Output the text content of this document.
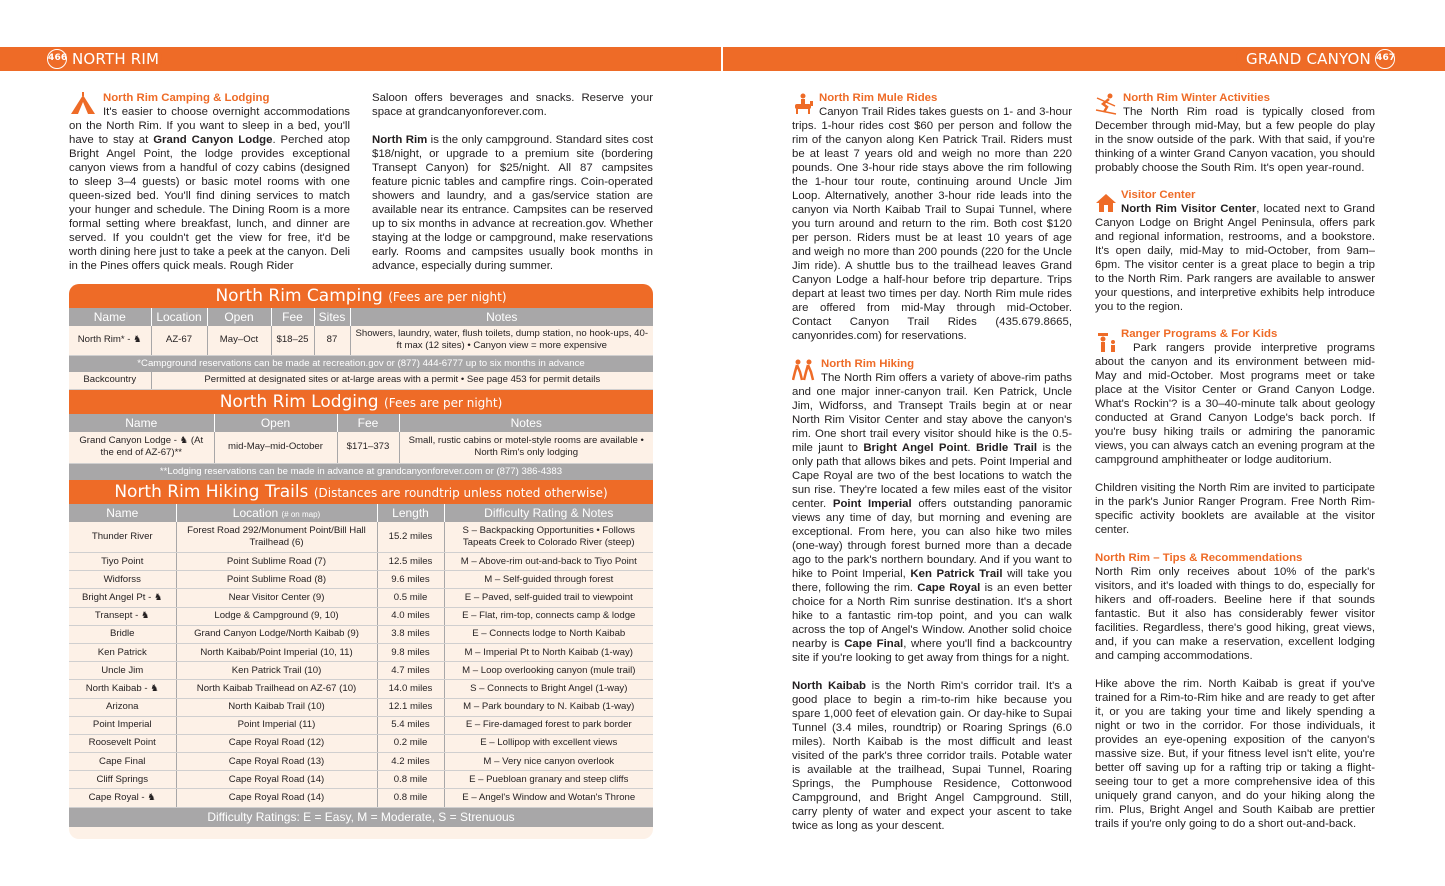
466 NORTH RIM	GRAND CANYON 467
North Rim Camping & Lodging

It's easier to choose overnight accommodations on the North Rim. If you want to sleep in a bed, you'll have to stay at Grand Canyon Lodge. Perched atop Bright Angel Point, the lodge provides exceptional canyon views from a handful of cozy cabins (designed to sleep 3–4 guests) or basic motel rooms with one queen-sized bed. You'll find dining services to match your hunger and schedule. The Dining Room is a more formal setting where breakfast, lunch, and dinner are served. If you couldn't get the view for free, it'd be worth dining here just to take a peek at the canyon. Deli in the Pines offers quick meals. Rough Rider

Saloon offers beverages and snacks. Reserve your space at grandcanyonforever.com.

North Rim is the only campground. Standard sites cost $18/night, or upgrade to a premium site (bordering Transept Canyon) for $25/night. All 87 campsites feature picnic tables and campfire rings. Coin-operated showers and laundry, and a gas/service station are available near its entrance. Campsites can be reserved up to six months in advance at recreation.gov. Whether staying at the lodge or campground, make reservations early. Rooms and campsites usually book months in advance, especially during summer.

North Rim Camping (Fees are per night)
Name	Location	Open	Fee	Sites	Notes
North Rim* - ♞	AZ-67	May–Oct	$18–25	87	Showers, laundry, water, flush toilets, dump station, no hook-ups, 40-ft max (12 sites) • Canyon view = more expensive
*Campground reservations can be made at recreation.gov or (877) 444-6777 up to six months in advance
Backcountry	Permitted at designated sites or at-large areas with a permit • See page 453 for permit details
North Rim Lodging (Fees are per night)
Name	Open	Fee	Notes
Grand Canyon Lodge - ♞ (At the end of AZ-67)**	mid-May–mid-October	$171–373	Small, rustic cabins or motel-style rooms are available • North Rim's only lodging
**Lodging reservations can be made in advance at grandcanyonforever.com or (877) 386-4383
North Rim Hiking Trails (Distances are roundtrip unless noted otherwise)
Name	Location (# on map)	Length	Difficulty Rating & Notes
Thunder River	Forest Road 292/Monument Point/Bill Hall Trailhead (6)	15.2 miles	S – Backpacking Opportunities • Follows Tapeats Creek to Colorado River (steep)
Tiyo Point	Point Sublime Road (7)	12.5 miles	M – Above-rim out-and-back to Tiyo Point
Widforss	Point Sublime Road (8)	9.6 miles	M – Self-guided through forest
Bright Angel Pt - ♞	Near Visitor Center (9)	0.5 mile	E – Paved, self-guided trail to viewpoint
Transept - ♞	Lodge & Campground (9, 10)	4.0 miles	E – Flat, rim-top, connects camp & lodge
Bridle	Grand Canyon Lodge/North Kaibab (9)	3.8 miles	E – Connects lodge to North Kaibab
Ken Patrick	North Kaibab/Point Imperial (10, 11)	9.8 miles	M – Imperial Pt to North Kaibab (1-way)
Uncle Jim	Ken Patrick Trail (10)	4.7 miles	M – Loop overlooking canyon (mule trail)
North Kaibab - ♞	North Kaibab Trailhead on AZ-67 (10)	14.0 miles	S – Connects to Bright Angel (1-way)
Arizona	North Kaibab Trail (10)	12.1 miles	M – Park boundary to N. Kaibab (1-way)
Point Imperial	Point Imperial (11)	5.4 miles	E – Fire-damaged forest to park border
Roosevelt Point	Cape Royal Road (12)	0.2 mile	E – Lollipop with excellent views
Cape Final	Cape Royal Road (13)	4.2 miles	M – Very nice canyon overlook
Cliff Springs	Cape Royal Road (14)	0.8 mile	E – Puebloan granary and steep cliffs
Cape Royal - ♞	Cape Royal Road (14)	0.8 mile	E – Angel's Window and Wotan's Throne
Difficulty Ratings: E = Easy, M = Moderate, S = Strenuous
North Rim Mule Rides

Canyon Trail Rides takes guests on 1- and 3-hour trips. 1-hour rides cost $60 per person and follow the rim of the canyon along Ken Patrick Trail. Riders must be at least 7 years old and weigh no more than 220 pounds. One 3-hour ride stays above the rim following the 1-hour tour route, continuing around Uncle Jim Loop. Alternatively, another 3-hour ride leads into the canyon via North Kaibab Trail to Supai Tunnel, where you turn around and return to the rim. Both cost $120 per person. Riders must be at least 10 years of age and weigh no more than 200 pounds (220 for the Uncle Jim ride). A shuttle bus to the trailhead leaves Grand Canyon Lodge a half-hour before trip departure. Trips depart at least two times per day. North Rim mule rides are offered from mid-May through mid-October. Contact Canyon Trail Rides (435.679.8665, canyonrides.com) for reservations.

North Rim Hiking

The North Rim offers a variety of above-rim paths and one major inner-canyon trail. Ken Patrick, Uncle Jim, Widforss, and Transept Trails begin at or near North Rim Visitor Center and stay above the canyon's rim. One short trail every visitor should hike is the 0.5-mile jaunt to Bright Angel Point. Bridle Trail is the only path that allows bikes and pets. Point Imperial and Cape Royal are two of the best locations to watch the sun rise. They're located a few miles east of the visitor center. Point Imperial offers outstanding panoramic views any time of day, but morning and evening are exceptional. From here, you can also hike two miles (one-way) through forest burned more than a decade ago to the park's northern boundary. And if you want to hike to Point Imperial, Ken Patrick Trail will take you there, following the rim. Cape Royal is an even better choice for a North Rim sunrise destination. It's a short hike to a fantastic rim-top point, and you can walk across the top of Angel's Window. Another solid choice nearby is Cape Final, where you'll find a backcountry site if you're looking to get away from things for a night.

North Kaibab is the North Rim's corridor trail. It's a good place to begin a rim-to-rim hike because you spare 1,000 feet of elevation gain. Or day-hike to Supai Tunnel (3.4 miles, roundtrip) or Roaring Springs (6.0 miles). North Kaibab is the most difficult and least visited of the park's three corridor trails. Potable water is available at the trailhead, Supai Tunnel, Roaring Springs, the Pumphouse Residence, Cottonwood Campground, and Bright Angel Campground. Still, carry plenty of water and expect your ascent to take twice as long as your descent.

North Rim Winter Activities

The North Rim road is typically closed from December through mid-May, but a few people do play in the snow outside of the park. With that said, if you're thinking of a winter Grand Canyon vacation, you should probably choose the South Rim. It's open year-round.

Visitor Center

North Rim Visitor Center, located next to Grand Canyon Lodge on Bright Angel Peninsula, offers park and regional information, restrooms, and a bookstore. It's open daily, mid-May to mid-October, from 9am–6pm. The visitor center is a great place to begin a trip to the North Rim. Park rangers are available to answer your questions, and interpretive exhibits help introduce you to the region.

Ranger Programs & For Kids

Park rangers provide interpretive programs about the canyon and its environment between mid-May and mid-October. Most programs meet or take place at the Visitor Center or Grand Canyon Lodge. What's Rockin'? is a 30–40-minute talk about geology conducted at Grand Canyon Lodge's back porch. If you're busy hiking trails or admiring the panoramic views, you can always catch an evening program at the campground amphitheater or lodge auditorium.

Children visiting the North Rim are invited to participate in the park's Junior Ranger Program. Free North Rim-specific activity booklets are available at the visitor center.

North Rim – Tips & Recommendations

North Rim only receives about 10% of the park's visitors, and it's loaded with things to do, especially for hikers and off-roaders. Beeline here if that sounds fantastic. But it also has considerably fewer visitor facilities. Regardless, there's good hiking, great views, and, if you can make a reservation, excellent lodging and camping accommodations.

Hike above the rim. North Kaibab is great if you've trained for a Rim-to-Rim hike and are ready to get after it, or you are taking your time and likely spending a night or two in the corridor. For those individuals, it provides an eye-opening exposition of the canyon's massive size. But, if your fitness level isn't elite, you're better off saving up for a rafting trip or taking a flight-seeing tour to get a more comprehensive idea of this uniquely grand canyon, and do your hiking along the rim. Plus, Bright Angel and South Kaibab are prettier trails if you're only going to do a short out-and-back.
